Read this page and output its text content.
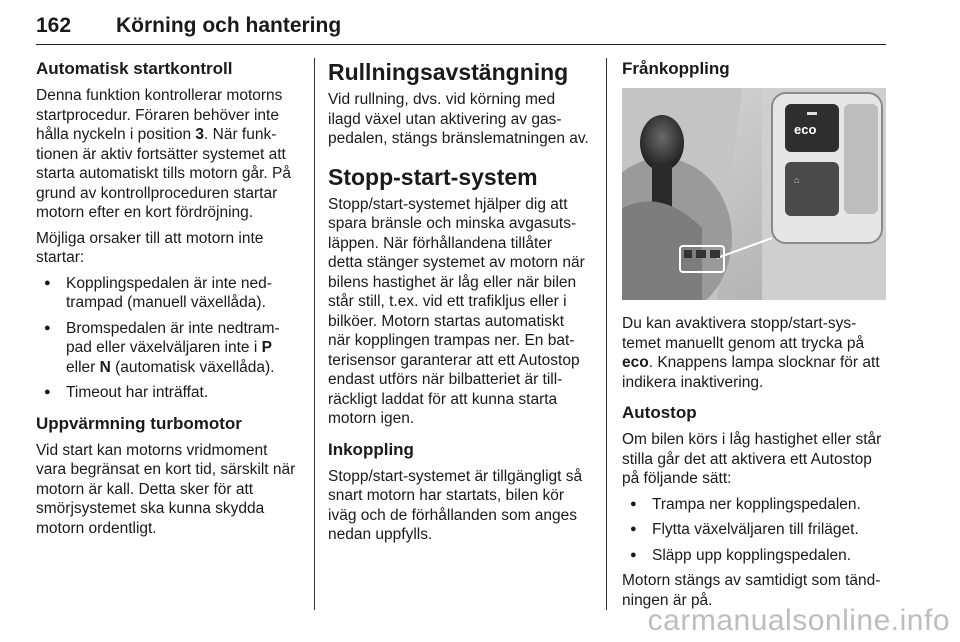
162	Körning och hantering
Automatisk startkontroll

Denna funktion kontrollerar motorns startprocedur. Föraren behöver inte hålla nyckeln i position 3. När funktionen är aktiv fortsätter systemet att starta automatiskt tills motorn går. På grund av kontrollproceduren startar motorn efter en kort fördröjning.

Möjliga orsaker till att motorn inte startar:

● Kopplingspedalen är inte nedtrampad (manuell växellåda).
● Bromspedalen är inte nedtrampad eller växelväljaren inte i P eller N (automatisk växellåda).
● Timeout har inträffat.
Uppvärmning turbomotor

Vid start kan motorns vridmoment vara begränsat en kort tid, särskilt när motorn är kall. Detta sker för att smörjsystemet ska kunna skydda motorn ordentligt.

Rullningsavstängning

Vid rullning, dvs. vid körning med ilagd växel utan aktivering av gaspedalen, stängs bränslematningen av.

Stopp-start-system

Stopp/start-systemet hjälper dig att spara bränsle och minska avgasutsläppen. När förhållandena tillåter detta stänger systemet av motorn när bilens hastighet är låg eller när bilen står still, t.ex. vid ett trafikljus eller i bilköer. Motorn startas automatiskt när kopplingen trampas ner. En batterisensor garanterar att ett Autostop endast utförs när bilbatteriet är tillräckligt laddat för att kunna starta motorn igen.

Inkoppling

Stopp/start-systemet är tillgängligt så snart motorn har startats, bilen kör iväg och de förhållanden som anges nedan uppfylls.

Frånkoppling
⌂
eco

Du kan avaktivera stopp/start-systemet manuellt genom att trycka på eco. Knappens lampa slocknar för att indikera inaktivering.

Autostop

Om bilen körs i låg hastighet eller står stilla går det att aktivera ett Autostop på följande sätt:

● Trampa ner kopplingspedalen.
● Flytta växelväljaren till friläget.
● Släpp upp kopplingspedalen.

Motorn stängs av samtidigt som tändningen är på.

carmanualsonline.info
